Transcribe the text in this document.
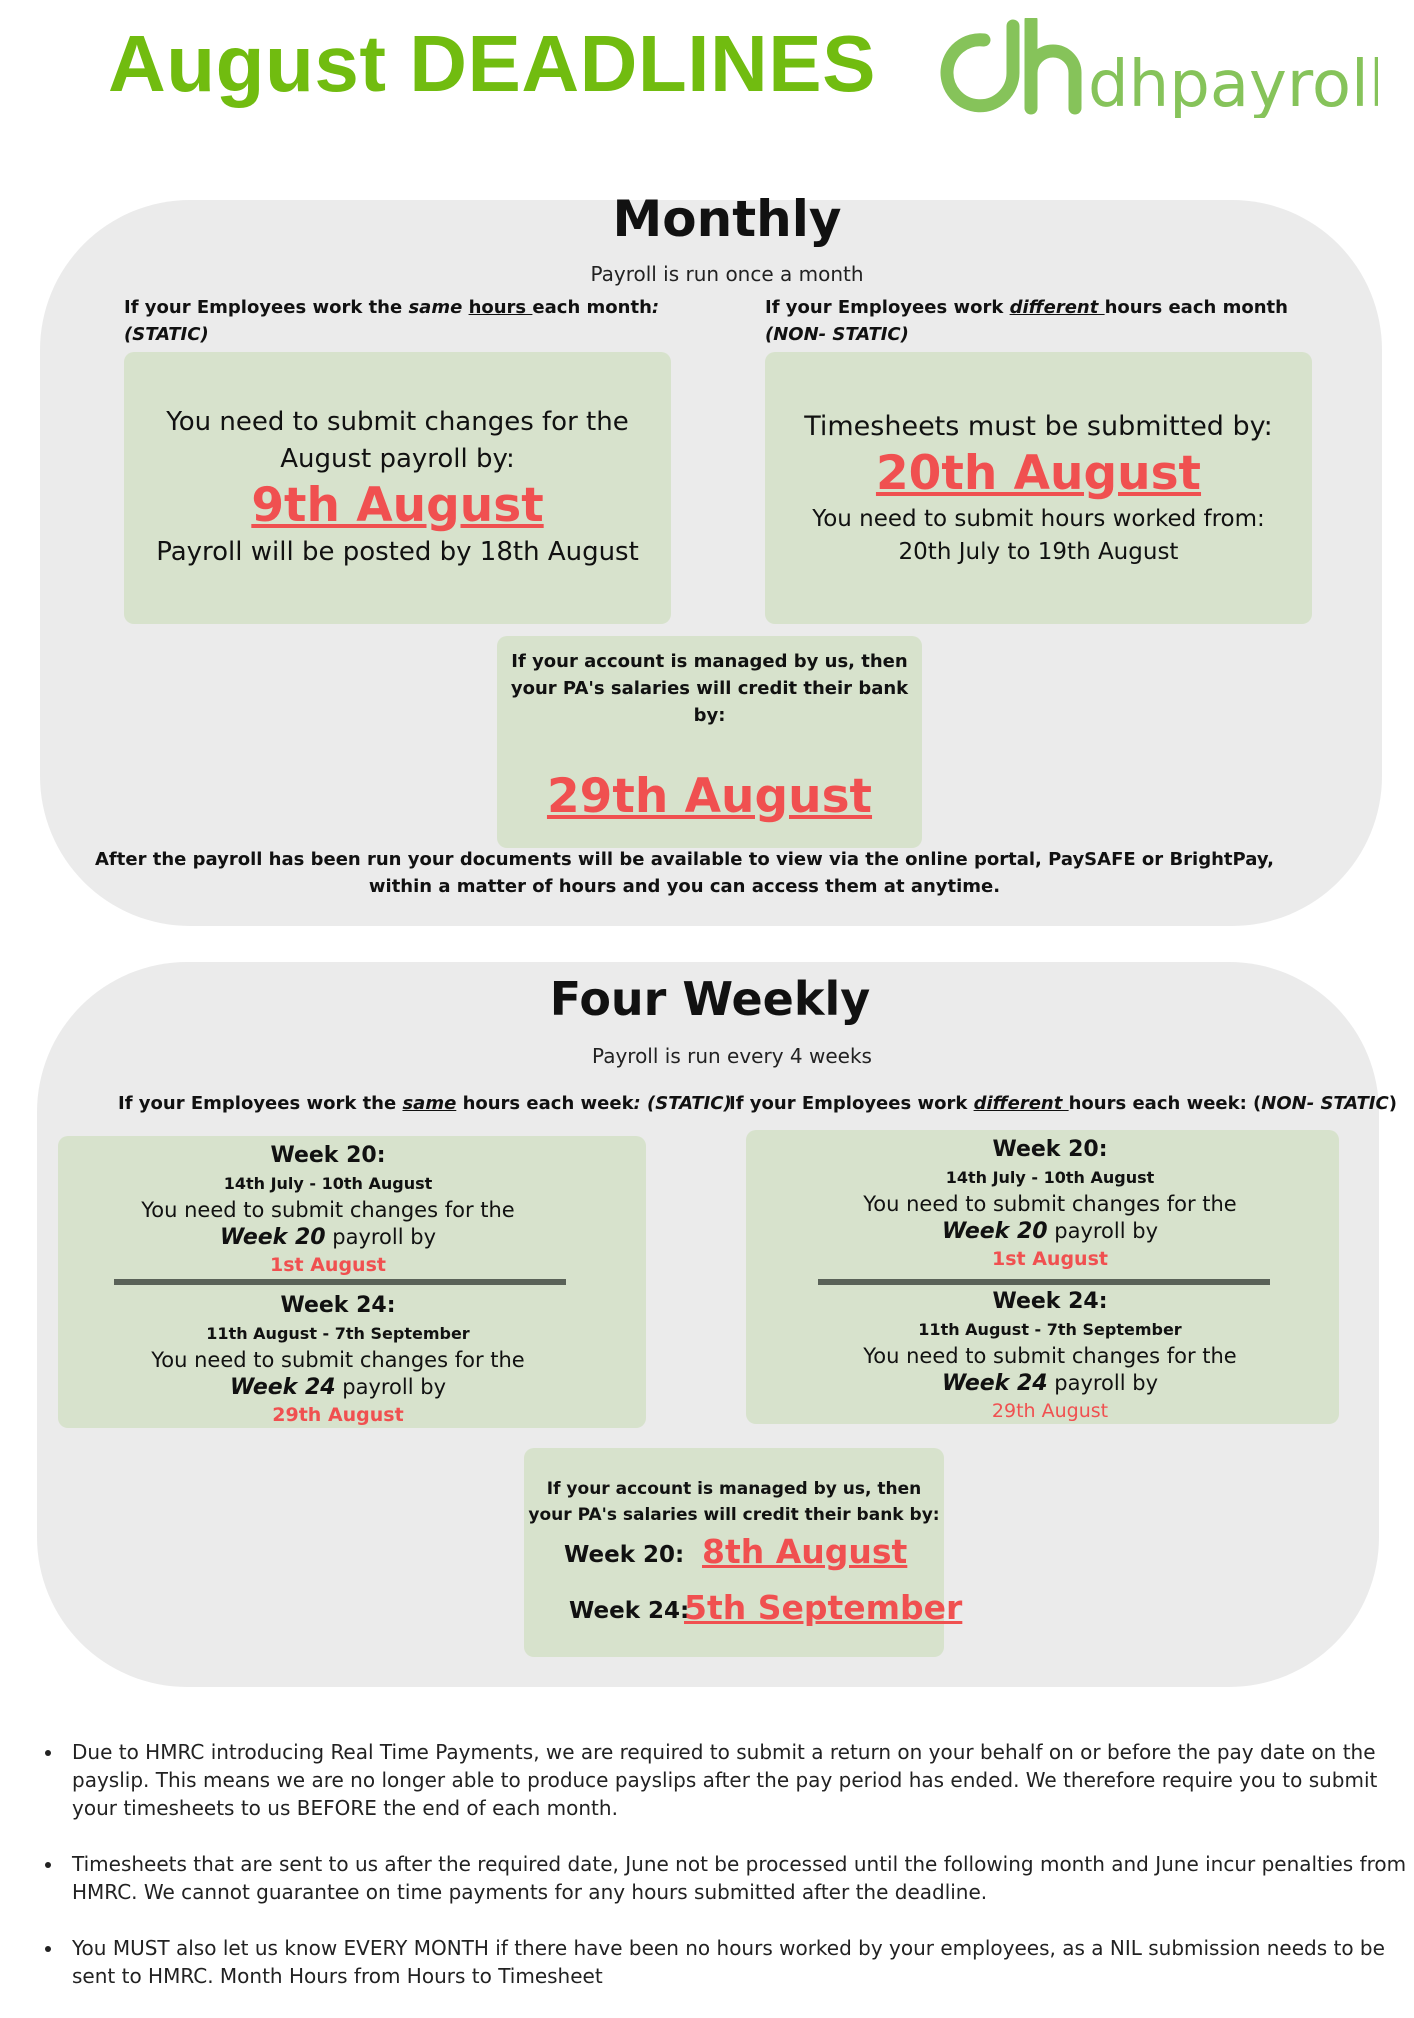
August DEADLINES	dhpayroll
Monthly
Payroll is run once a month
If your Employees work the same hours each month:
(STATIC)
If your Employees work different hours each month
(NON- STATIC)
You need to submit changes for the
August payroll by:
9th August
Payroll will be posted by 18th August
Timesheets must be submitted by:
20th August
You need to submit hours worked from:
20th July to 19th August
If your account is managed by us, then
your PA's salaries will credit their bank by:
29th August
After the payroll has been run your documents will be available to view via the online portal, PaySAFE or BrightPay,
within a matter of hours and you can access them at anytime.
Four Weekly
Payroll is run every 4 weeks
If your Employees work the same hours each week: (STATIC)
If your Employees work different hours each week: (NON- STATIC)
Week 20:
14th July - 10th August
You need to submit changes for the
Week 20 payroll by
1st August
Week 24:
11th August - 7th September
You need to submit changes for the
Week 24 payroll by
29th August
Week 20:
14th July - 10th August
You need to submit changes for the
Week 20 payroll by
1st August
Week 24:
11th August - 7th September
You need to submit changes for the
Week 24 payroll by
29th August
If your account is managed by us, then
your PA's salaries will credit their bank by:
Week 20: 8th August
Week 24:
5th September
• Due to HMRC introducing Real Time Payments, we are required to submit a return on your behalf on or before the pay date on the payslip. This means we are no longer able to produce payslips after the pay period has ended. We therefore require you to submit your timesheets to us BEFORE the end of each month.
• Timesheets that are sent to us after the required date, June not be processed until the following month and June incur penalties from HMRC. We cannot guarantee on time payments for any hours submitted after the deadline.
• You MUST also let us know EVERY MONTH if there have been no hours worked by your employees, as a NIL submission needs to be sent to HMRC. Month Hours from Hours to Timesheet
